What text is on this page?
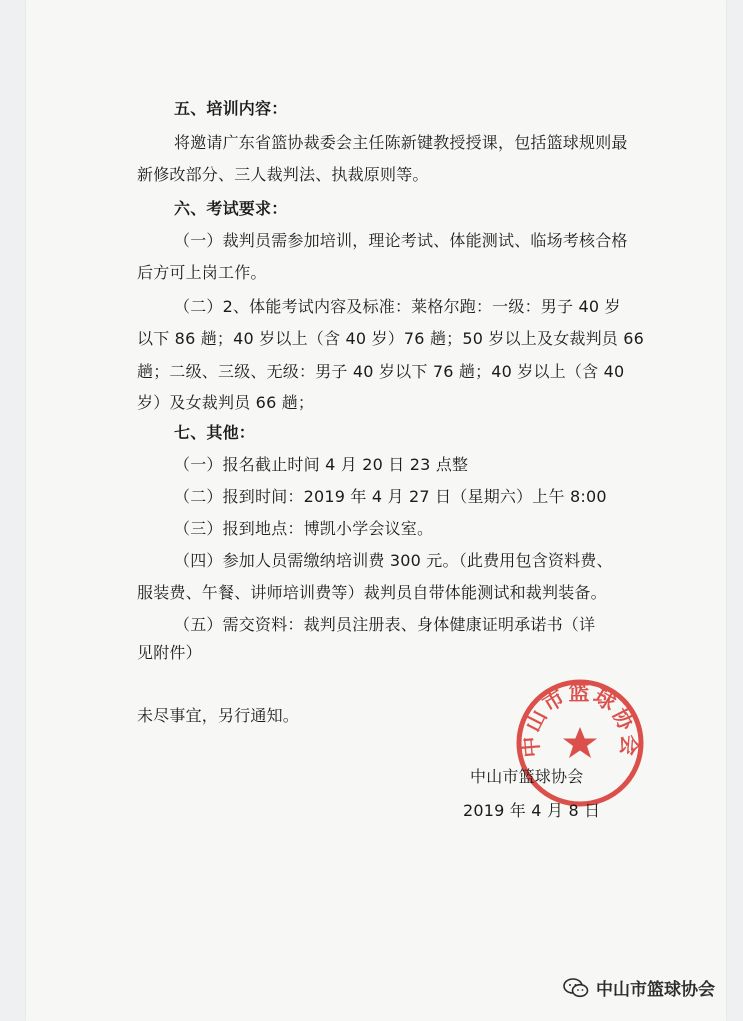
五、培训内容：
将邀请广东省篮协裁委会主任陈新键教授授课，包括篮球规则最
新修改部分、三人裁判法、执裁原则等。
六、考试要求：
（一）裁判员需参加培训，理论考试、体能测试、临场考核合格
后方可上岗工作。
（二）2、体能考试内容及标准：莱格尔跑：一级：男子 40 岁
以下 86 趟；40 岁以上（含 40 岁）76 趟；50 岁以上及女裁判员 66
趟；二级、三级、无级：男子 40 岁以下 76 趟；40 岁以上（含 40
岁）及女裁判员 66 趟；
七、其他：
（一）报名截止时间 4 月 20 日 23 点整
（二）报到时间：2019 年 4 月 27 日（星期六）上午 8:00
（三）报到地点：博凯小学会议室。
（四）参加人员需缴纳培训费 300 元。（此费用包含资料费、
服装费、午餐、讲师培训费等）裁判员自带体能测试和裁判装备。
（五）需交资料：裁判员注册表、身体健康证明承诺书（详
见附件）
未尽事宜，另行通知。
中山市篮球协会
中山市篮球协会
2019 年 4 月 8 日
中山市篮球协会
